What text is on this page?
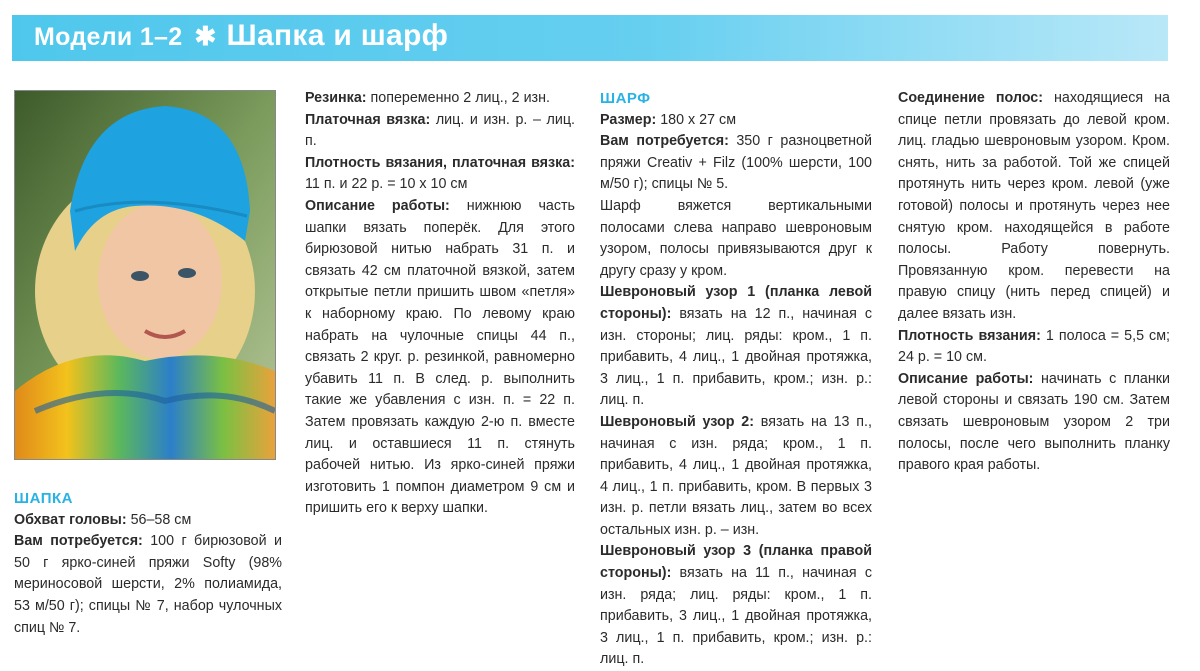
Модели 1–2 ✱ Шапка и шарф
ШАПКА

Обхват головы: 56–58 см

Вам потребуется: 100 г бирюзовой и 50 г ярко-синей пряжи Softy (98% мериносовой шерсти, 2% полиамида, 53 м/50 г); спицы № 7, набор чулочных спиц № 7.

Резинка: попеременно 2 лиц., 2 изн.

Платочная вязка: лиц. и изн. р. – лиц. п.

Плотность вязания, платочная вязка: 11 п. и 22 р. = 10 х 10 см

Описание работы: нижнюю часть шапки вязать поперёк. Для этого бирюзовой нитью набрать 31 п. и связать 42 см платочной вязкой, затем открытые петли пришить швом «петля» к наборному краю. По левому краю набрать на чулочные спицы 44 п., связать 2 круг. р. резинкой, равномерно убавить 11 п. В след. р. выполнить такие же убавления с изн. п. = 22 п. Затем провязать каждую 2-ю п. вместе лиц. и оставшиеся 11 п. стянуть рабочей нитью. Из ярко-синей пряжи изготовить 1 помпон диаметром 9 см и пришить его к верху шапки.

ШАРФ

Размер: 180 х 27 см

Вам потребуется: 350 г разноцветной пряжи Creativ + Filz (100% шерсти, 100 м/50 г); спицы № 5.

Шарф вяжется вертикальными полосами слева направо шевроновым узором, полосы привязываются друг к другу сразу у кром.

Шевроновый узор 1 (планка левой стороны): вязать на 12 п., начиная с изн. стороны; лиц. ряды: кром., 1 п. прибавить, 4 лиц., 1 двойная протяжка, 3 лиц., 1 п. прибавить, кром.; изн. р.: лиц. п.

Шевроновый узор 2: вязать на 13 п., начиная с изн. ряда; кром., 1 п. прибавить, 4 лиц., 1 двойная протяжка, 4 лиц., 1 п. прибавить, кром. В первых 3 изн. р. петли вязать лиц., затем во всех остальных изн. р. – изн.

Шевроновый узор 3 (планка правой стороны): вязать на 11 п., начиная с изн. ряда; лиц. ряды: кром., 1 п. прибавить, 3 лиц., 1 двойная протяжка, 3 лиц., 1 п. прибавить, кром.; изн. р.: лиц. п.

Соединение полос: находящиеся на спице петли провязать до левой кром. лиц. гладью шевроновым узором. Кром. снять, нить за работой. Той же спицей протянуть нить через кром. левой (уже готовой) полосы и протянуть через нее снятую кром. находящейся в работе полосы. Работу повернуть. Провязанную кром. перевести на правую спицу (нить перед спицей) и далее вязать изн.

Плотность вязания: 1 полоса = 5,5 см; 24 р. = 10 см.

Описание работы: начинать с планки левой стороны и связать 190 см. Затем связать шевроновым узором 2 три полосы, после чего выполнить планку правого края работы.
